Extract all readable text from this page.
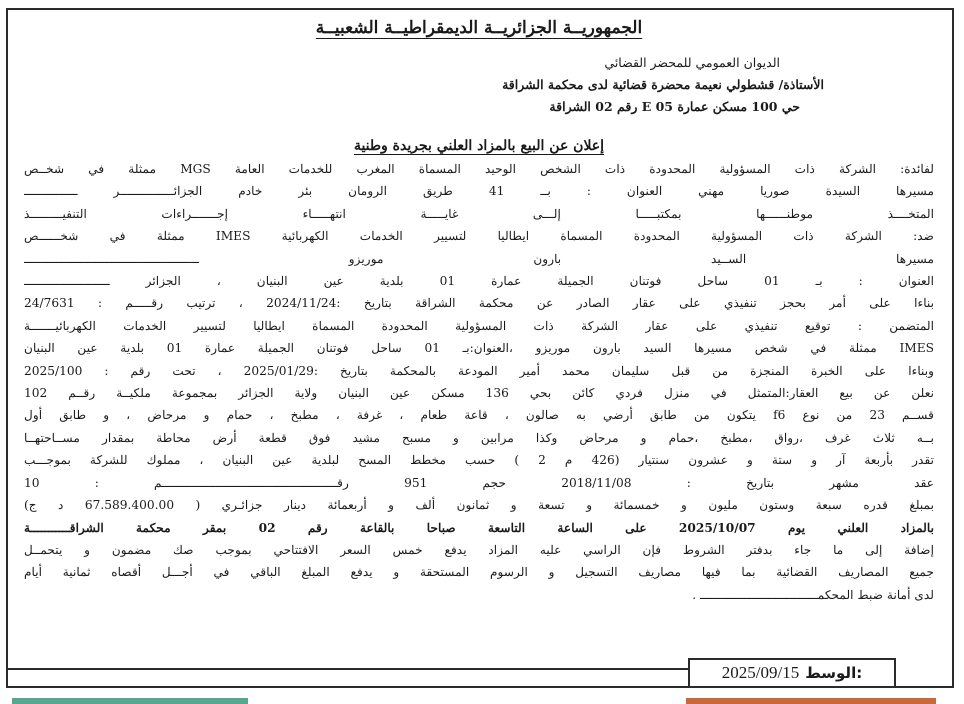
الجمهوريــة الجزائريــة الديمقراطيــة الشعبيــة
الديوان العمومي للمحضر القضائي
الأستاذة/ قشطولي نعيمة محضرة قضائية لدى محكمة الشراقة
حي 100 مسكن عمارة E 05 رقم 02 الشراقة
إعلان عن البيع بالمزاد العلني بجريدة وطنية
لفائدة: الشركة ذات المسؤولية المحدودة ذات الشخص الوحيد المسماة المغرب للخدمات العامة MGS ممثلة في شخــص
مسيرها السيدة صوريا مهني العنوان : بــ 41 طريق الرومان بئر خادم الجزائـــــــــــــــر ـــــــــــــــ
المتخــــذ موطنــــــها بمكتبـــــا إلـــى غايـــــة انتهـــــاء إجـــــــراءات التنفيـــــــــذ
ضد: الشركة ذات المسؤولية المحدودة المسماة ايطاليا لتسيير الخدمات الكهربائية IMES ممثلة في شخــــــص
مسيرها الســيد بارون موريزو ـــــــــــــــــــــــــــــــــــــــــــــــــ
العنوان : بـ 01 ساحل فوتنان الجميلة عمارة 01 بلدية عين البنيان ، الجزائر ــــــــــــــــــــــــ
بناءا على أمر بحجز تنفيذي على عقار الصادر عن محكمة الشراقة بتاريخ :2024/11/24 ، ترتيب رقـــــم : 24/7631
المتضمن : توقيع تنفيذي على عقار الشركة ذات المسؤولية المحدودة المسماة ايطاليا لتسيير الخدمات الكهربائيـــــــة
IMES ممثلة في شخص مسيرها السيد بارون موريزو ،العنوان:بـ 01 ساحل فوتنان الجميلة عمارة 01 بلدية عين البنيان
وبناءا على الخبرة المنجزة من قبل سليمان محمد أمير المودعة بالمحكمة بتاريخ :2025/01/29 ، تحت رقم : 2025/100
نعلن عن بيع العقار:المتمثل في منزل فردي كائن بحي 136 مسكن عين البنيان ولاية الجزائر بمجموعة ملكيــة رقــم 102
قســم 23 من نوع f6 يتكون من طابق أرضي به صالون ، قاعة طعام ، غرفة ، مطبخ ، حمام و مرحاض ، و طابق أول
بــه ثلاث غرف ،رواق ،مطبخ ،حمام و مرحاض وكذا مرابين و مسبح مشيد فوق قطعة أرض محاطة بمقدار مســاحتهــا
تقدر بأربعة آر و ستة و عشرون سنتيار (426 م 2 ) حسب مخطط المسح لبلدية عين البنيان ، مملوك للشركة بموجـــب
عقد مشهر بتاريخ : 2018/11/08 حجم 951 رقـــــــــــــــــــــــــــــــــــــــــــــــــم : 10
بمبلغ قدره سبعة وستون مليون و خمسمائة و تسعة و ثمانون ألف و أربعمائة دينار جزائـري ( 67.589.400.00 د ج)
بالمزاد العلني يوم 2025/10/07 على الساعة التاسعة صباحا بالقاعة رقم 02 بمقر محكمة الشراقـــــــــــة
إضافة إلى ما جاء بدفتر الشروط فإن الراسي عليه المزاد يدفع خمس السعر الافتتاحي بموجب صك مضمون و يتحمــل
جميع المصاريف القضائية بما فيها مصاريف التسجيل و الرسوم المستحقة و يدفع المبلغ الباقي في أجـــل أقصاه ثمانية أيام
لدى أمانة ضبط المحكمـــــــــــــــــــــــــــــــــ .
الوسط:
2025/09/15
